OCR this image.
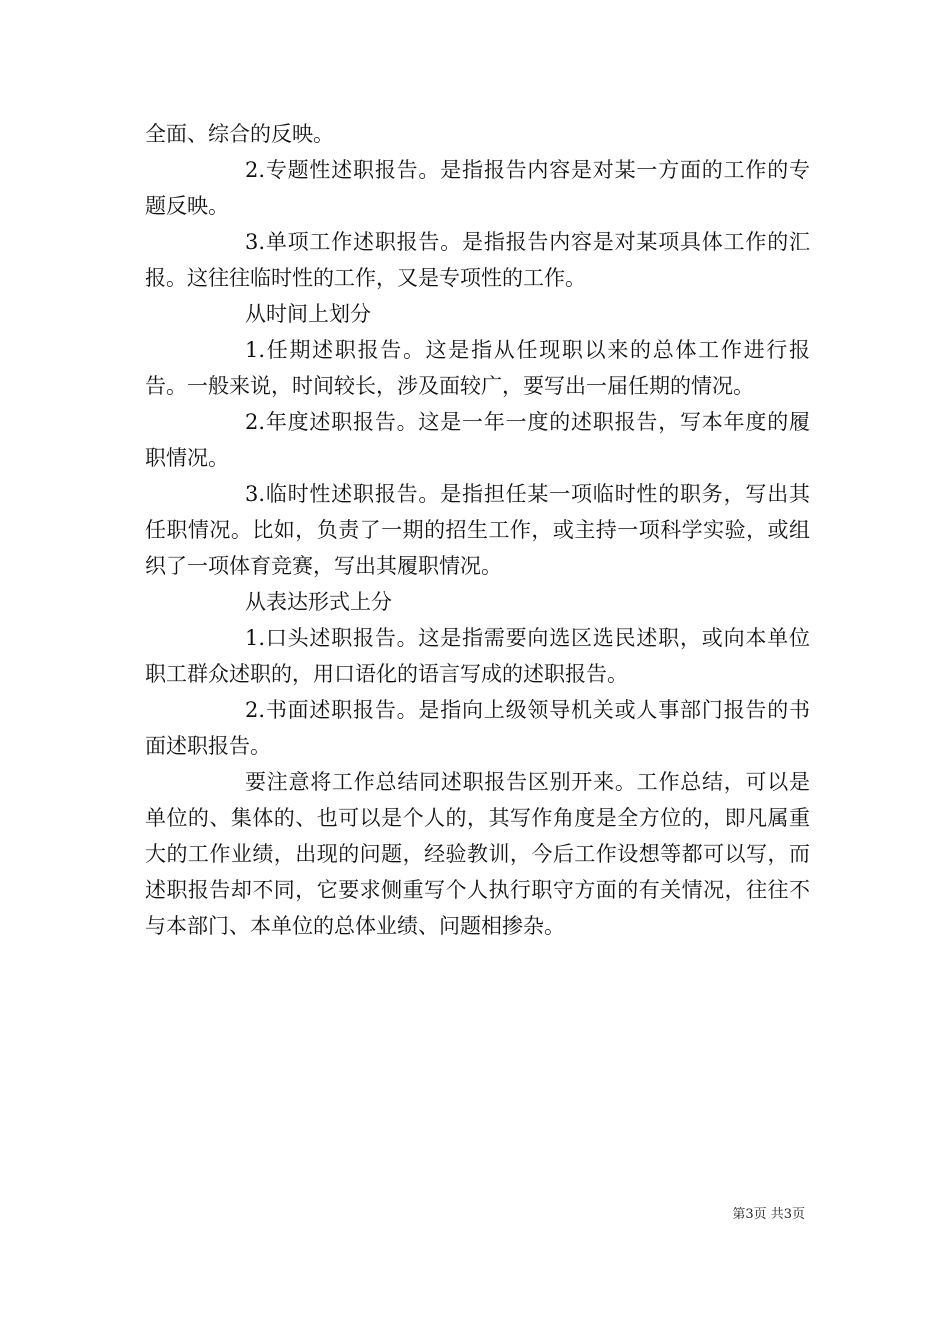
全面、综合的反映。

2.专题性述职报告。是指报告内容是对某一方面的工作的专题反映。

3.单项工作述职报告。是指报告内容是对某项具体工作的汇报。这往往临时性的工作，又是专项性的工作。

从时间上划分

1.任期述职报告。这是指从任现职以来的总体工作进行报告。一般来说，时间较长，涉及面较广，要写出一届任期的情况。

2.年度述职报告。这是一年一度的述职报告，写本年度的履职情况。

3.临时性述职报告。是指担任某一项临时性的职务，写出其任职情况。比如，负责了一期的招生工作，或主持一项科学实验，或组织了一项体育竞赛，写出其履职情况。

从表达形式上分

1.口头述职报告。这是指需要向选区选民述职，或向本单位职工群众述职的，用口语化的语言写成的述职报告。

2.书面述职报告。是指向上级领导机关或人事部门报告的书面述职报告。

要注意将工作总结同述职报告区别开来。工作总结，可以是单位的、集体的、也可以是个人的，其写作角度是全方位的，即凡属重大的工作业绩，出现的问题，经验教训，今后工作设想等都可以写，而述职报告却不同，它要求侧重写个人执行职守方面的有关情况，往往不与本部门、本单位的总体业绩、问题相掺杂。

第3页 共3页
